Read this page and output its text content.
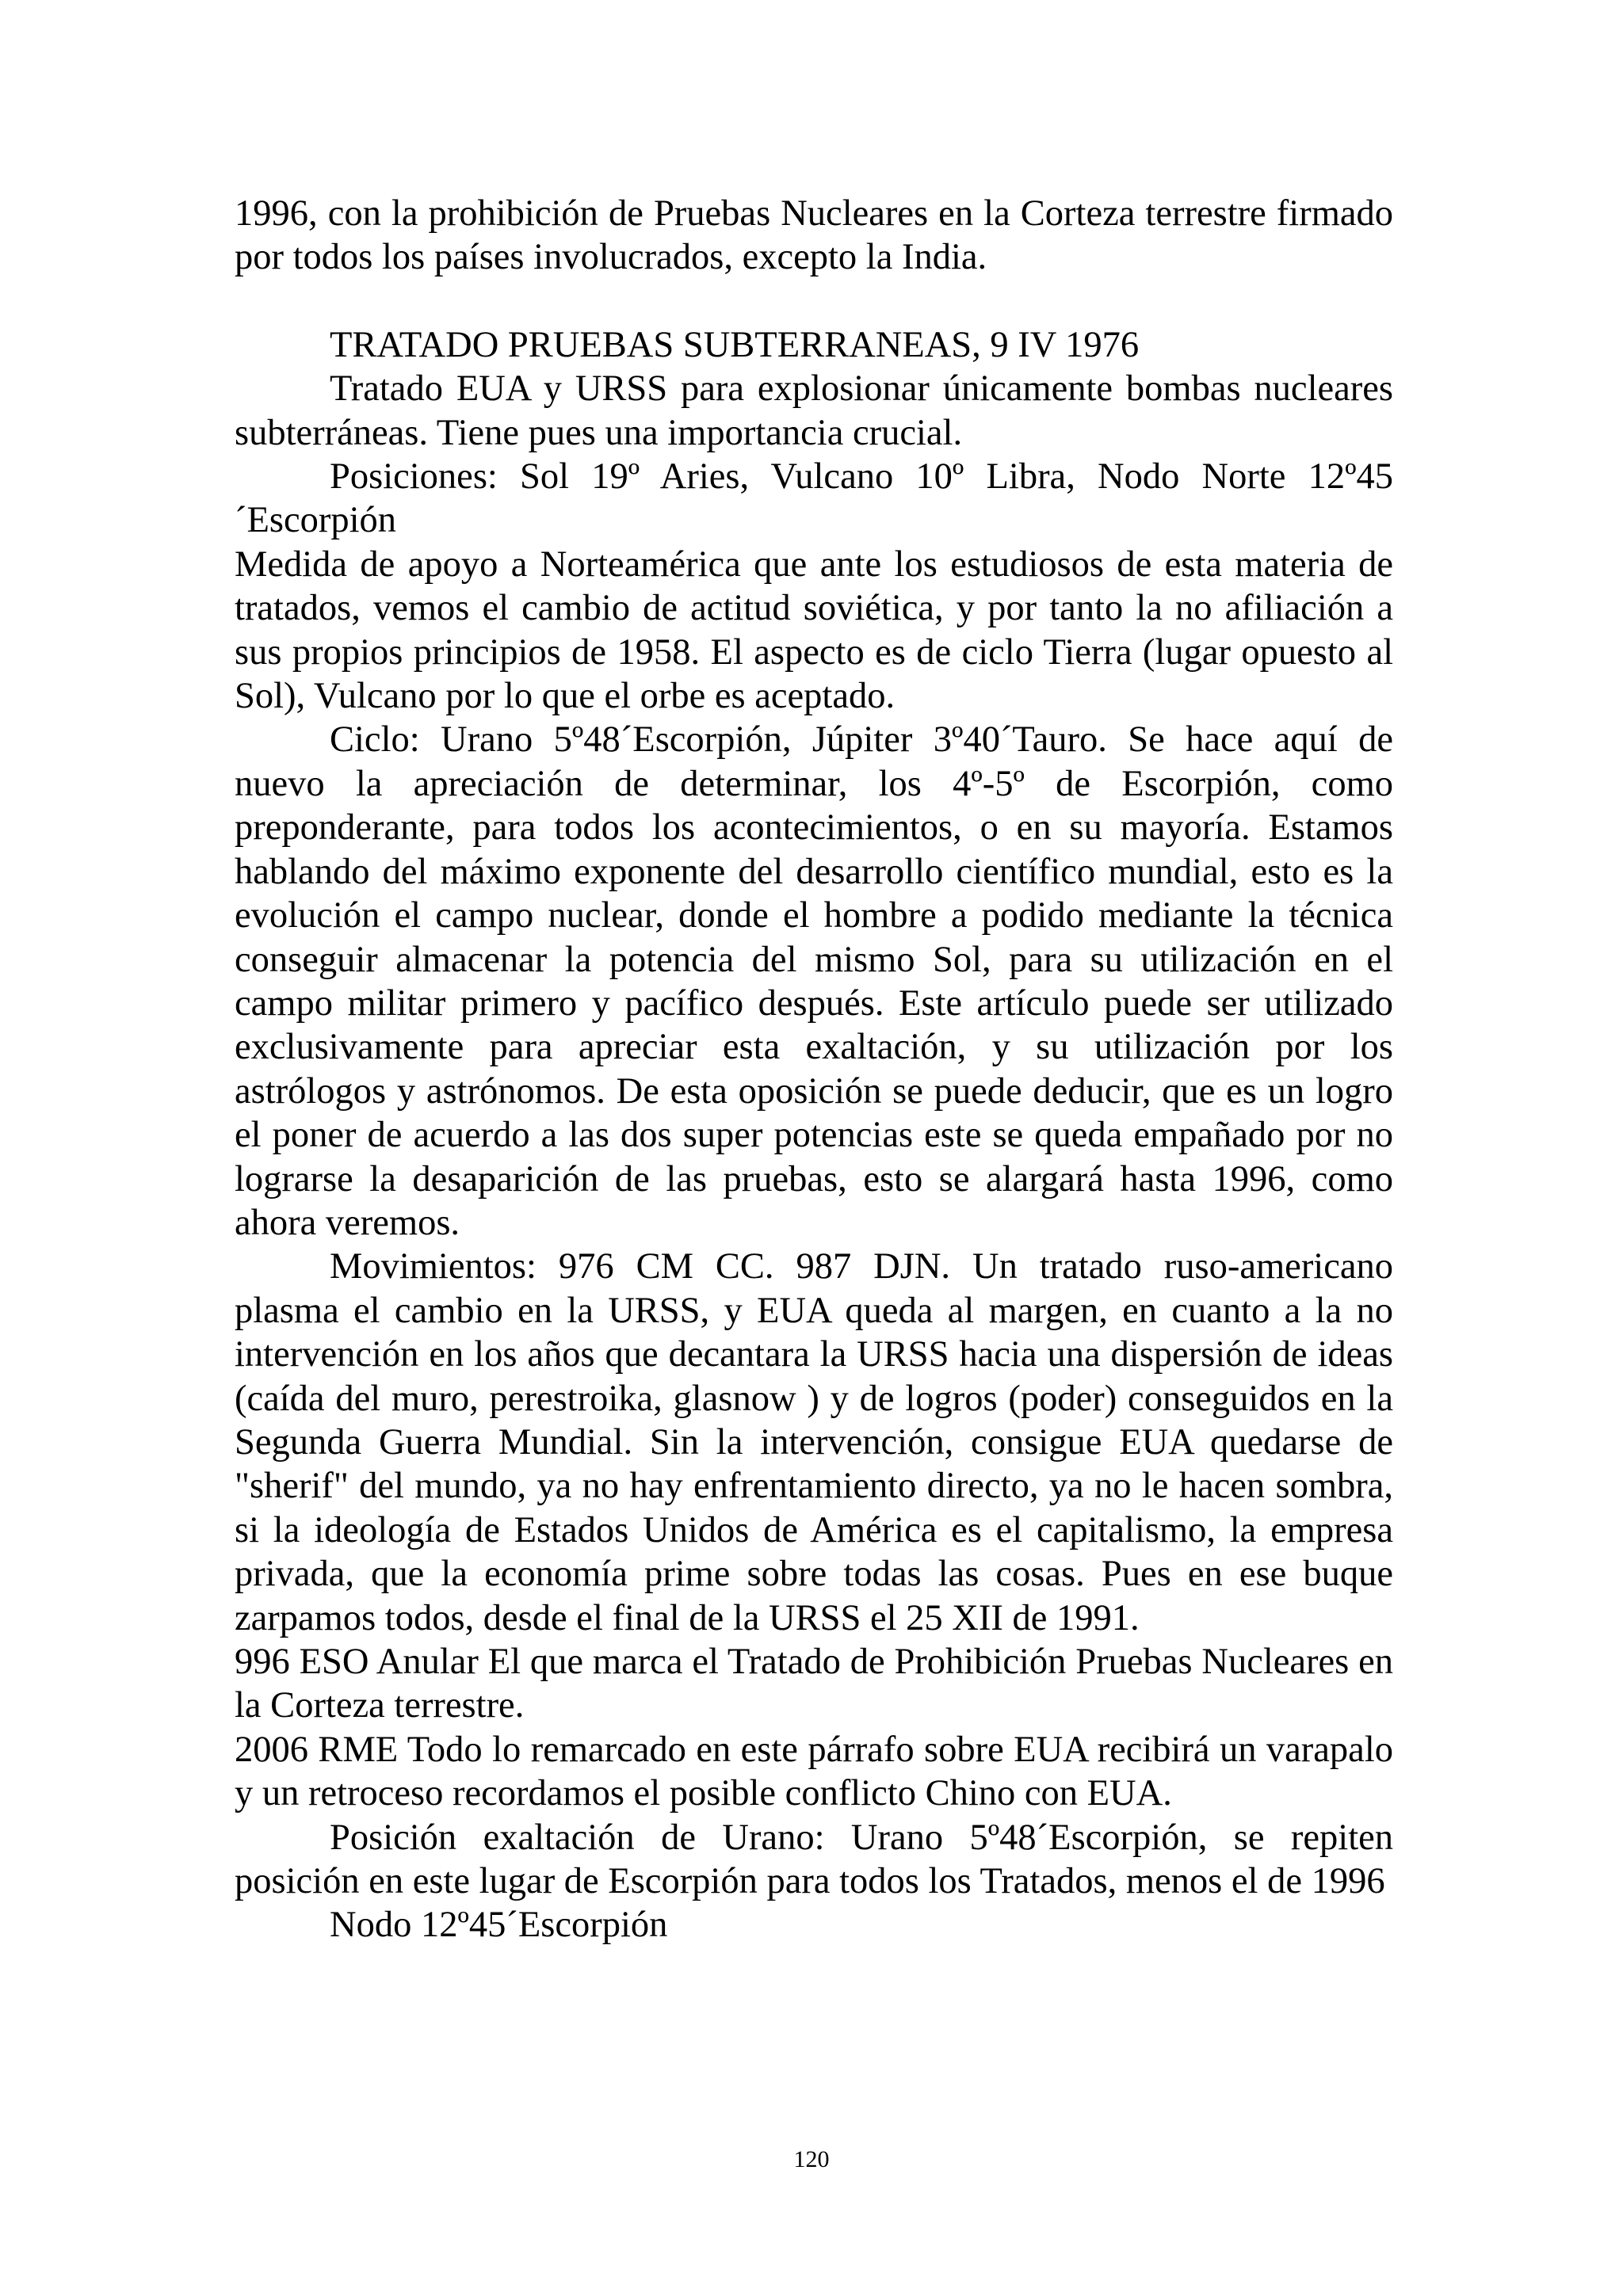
1996, con la prohibición de Pruebas Nucleares en la Corteza terrestre firmado por todos los países involucrados, excepto la India.

TRATADO PRUEBAS SUBTERRANEAS, 9 IV 1976

Tratado EUA y URSS para explosionar únicamente bombas nucleares subterráneas. Tiene pues una importancia crucial.

Posiciones: Sol 19º Aries, Vulcano 10º Libra, Nodo Norte 12º45´Escorpión

Medida de apoyo a Norteamérica que ante los estudiosos de esta materia de tratados, vemos el cambio de actitud soviética, y por tanto la no afiliación a sus propios principios de 1958. El aspecto es de ciclo Tierra (lugar opuesto al Sol), Vulcano por lo que el orbe es aceptado.

Ciclo: Urano 5º48´Escorpión, Júpiter 3º40´Tauro. Se hace aquí de nuevo la apreciación de determinar, los 4º-5º de Escorpión, como preponderante, para todos los acontecimientos, o en su mayoría. Estamos hablando del máximo exponente del desarrollo científico mundial, esto es la evolución el campo nuclear, donde el hombre a podido mediante la técnica conseguir almacenar la potencia del mismo Sol, para su utilización en el campo militar primero y pacífico después. Este artículo puede ser utilizado exclusivamente para apreciar esta exaltación, y su utilización por los astrólogos y astrónomos. De esta oposición se puede deducir, que es un logro el poner de acuerdo a las dos super potencias este se queda empañado por no lograrse la desaparición de las pruebas, esto se alargará hasta 1996, como ahora veremos.

Movimientos: 976 CM CC. 987 DJN. Un tratado ruso-americano plasma el cambio en la URSS, y EUA queda al margen, en cuanto a la no intervención en los años que decantara la URSS hacia una dispersión de ideas (caída del muro, perestroika, glasnow ) y de logros (poder) conseguidos en la Segunda Guerra Mundial. Sin la intervención, consigue EUA quedarse de "sherif" del mundo, ya no hay enfrentamiento directo, ya no le hacen sombra, si la ideología de Estados Unidos de América es el capitalismo, la empresa privada, que la economía prime sobre todas las cosas. Pues en ese buque zarpamos todos, desde el final de la URSS el 25 XII de 1991.

996 ESO Anular El que marca el Tratado de Prohibición Pruebas Nucleares en la Corteza terrestre.

2006 RME Todo lo remarcado en este párrafo sobre EUA recibirá un varapalo y un retroceso recordamos el posible conflicto Chino con EUA.

Posición exaltación de Urano: Urano 5º48´Escorpión, se repiten posición en este lugar de Escorpión para todos los Tratados, menos el de 1996

Nodo 12º45´Escorpión

120
